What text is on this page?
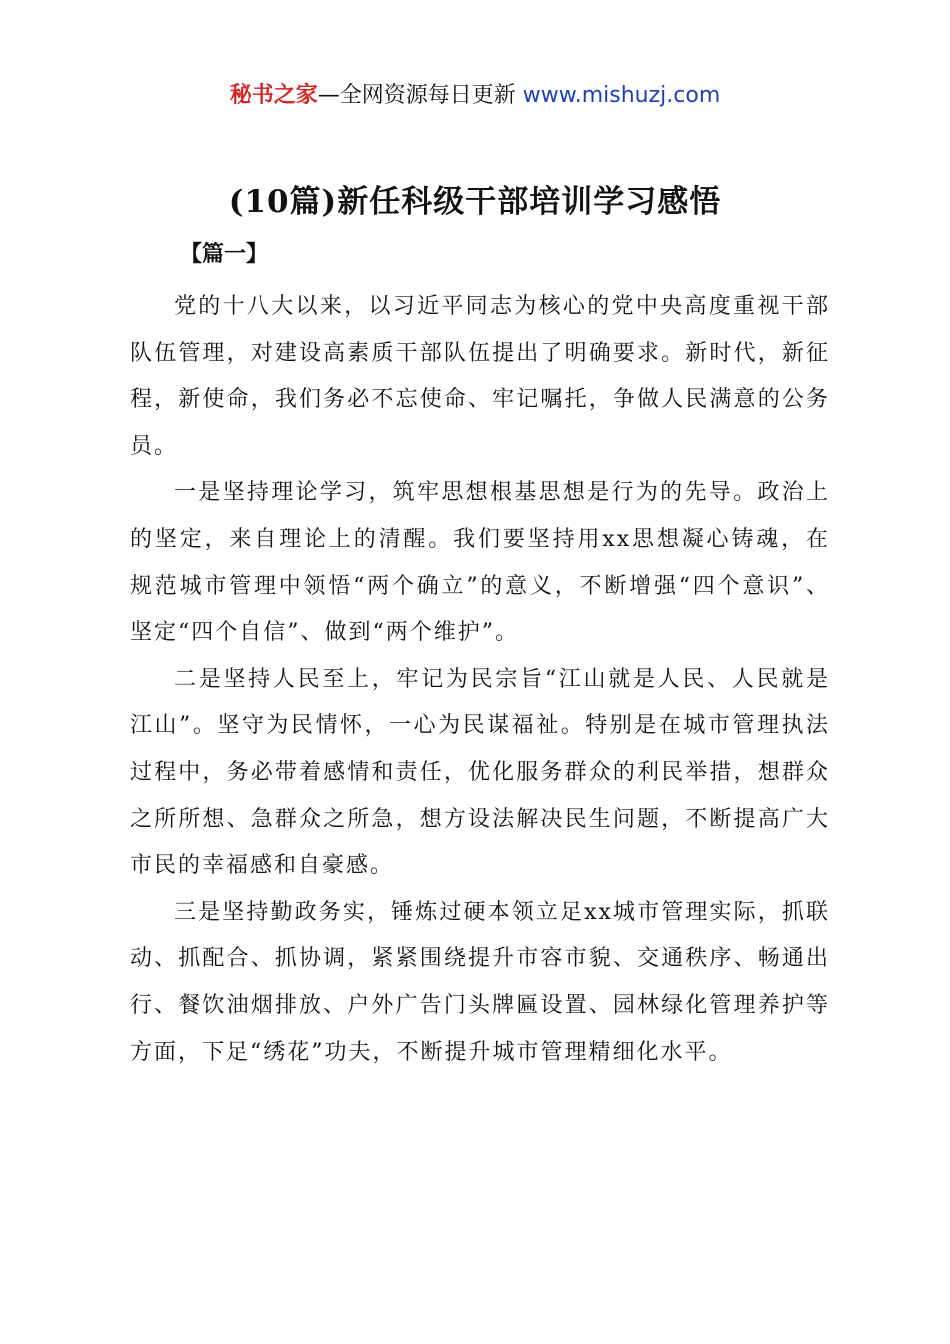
秘书之家—全网资源每日更新 www.mishuzj.com
(10篇)新任科级干部培训学习感悟
【篇一】

党的十八大以来，以习近平同志为核心的党中央高度重视干部队伍管理，对建设高素质干部队伍提出了明确要求。新时代，新征程，新使命，我们务必不忘使命、牢记嘱托，争做人民满意的公务员。

一是坚持理论学习，筑牢思想根基思想是行为的先导。政治上的坚定，来自理论上的清醒。我们要坚持用xx思想凝心铸魂，在规范城市管理中领悟“两个确立”的意义，不断增强“四个意识”、坚定“四个自信”、做到“两个维护”。

二是坚持人民至上，牢记为民宗旨“江山就是人民、人民就是江山”。坚守为民情怀，一心为民谋福祉。特别是在城市管理执法过程中，务必带着感情和责任，优化服务群众的利民举措，想群众之所所想、急群众之所急，想方设法解决民生问题，不断提高广大市民的幸福感和自豪感。

三是坚持勤政务实，锤炼过硬本领立足xx城市管理实际，抓联动、抓配合、抓协调，紧紧围绕提升市容市貌、交通秩序、畅通出行、餐饮油烟排放、户外广告门头牌匾设置、园林绿化管理养护等方面，下足“绣花”功夫，不断提升城市管理精细化水平。
